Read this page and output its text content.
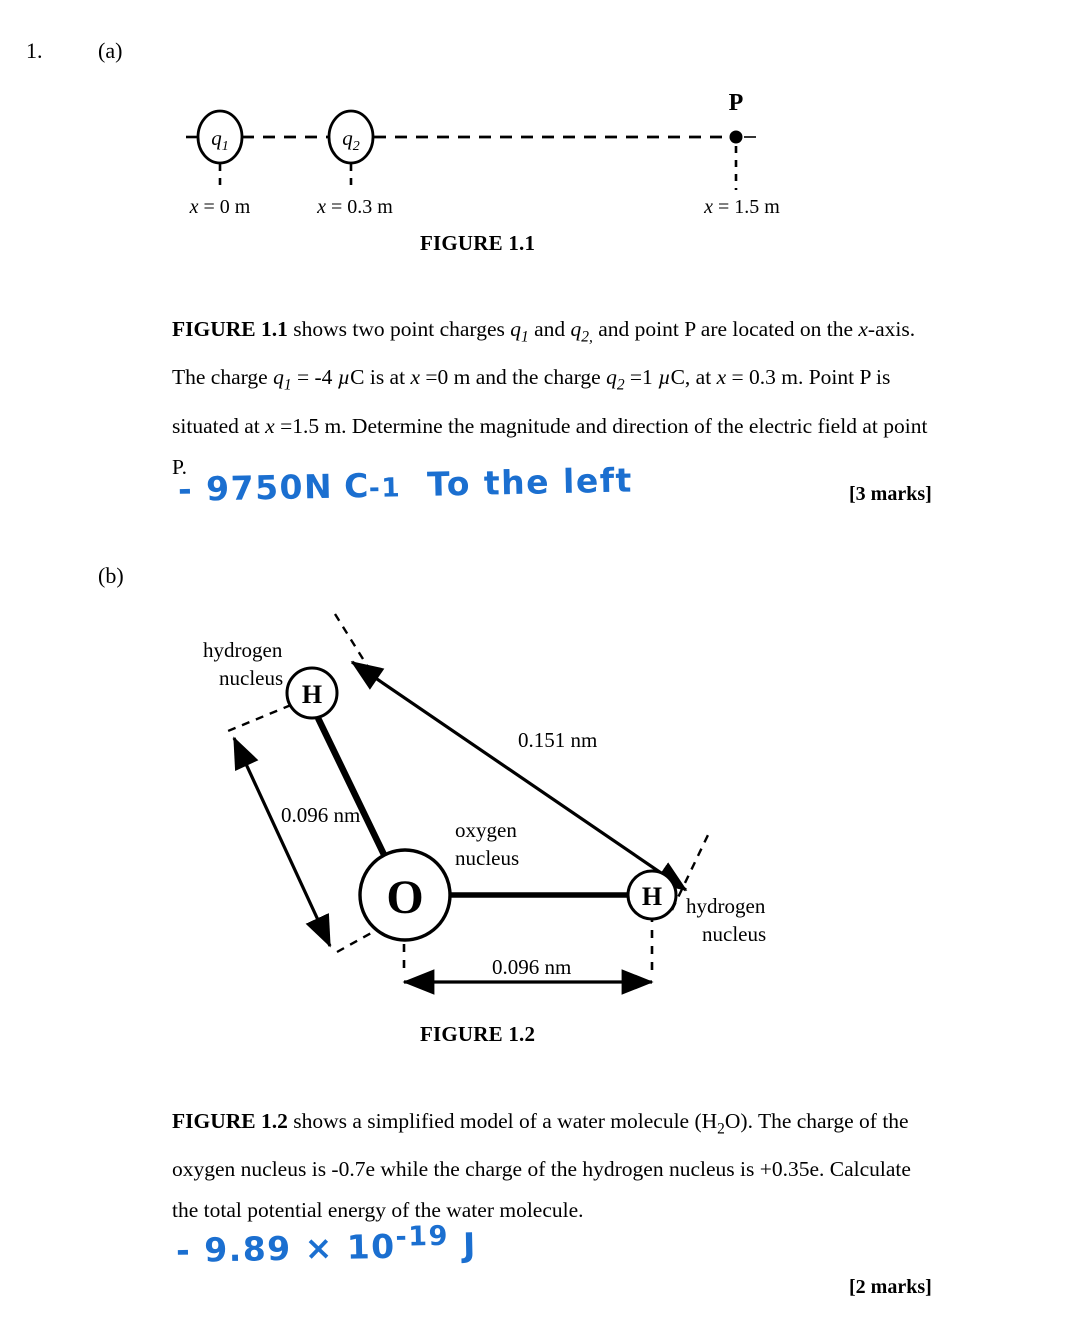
1.	(a)
(b)
$q_1$	$q_2$
P
x = 0 m	x = 0.3 m	x = 1.5 m
FIGURE 1.1
FIGURE 1.1 shows two point charges $q_1$ and $q_{2,}$ and point P are located on the x-axis. The charge $q_1 = -4$ µC is at x =0 m and the charge $q_2 =1$ µC, at x = 0.3 m. Point P is situated at x =1.5 m. Determine the magnitude and direction of the electric field at point P.
- 9750N C-1 To the left	[3 marks]
O
H
H
hydrogen
nucleus
hydrogen
nucleus
oxygen
nucleus
0.096 nm
0.151 nm
0.096 nm
FIGURE 1.2
FIGURE 1.2 shows a simplified model of a water molecule $(H_2O)$. The charge of the oxygen nucleus is -0.7e while the charge of the hydrogen nucleus is +0.35e. Calculate the total potential energy of the water molecule.
- $9.89 \times 10^{-19}$ J
[2 marks]
